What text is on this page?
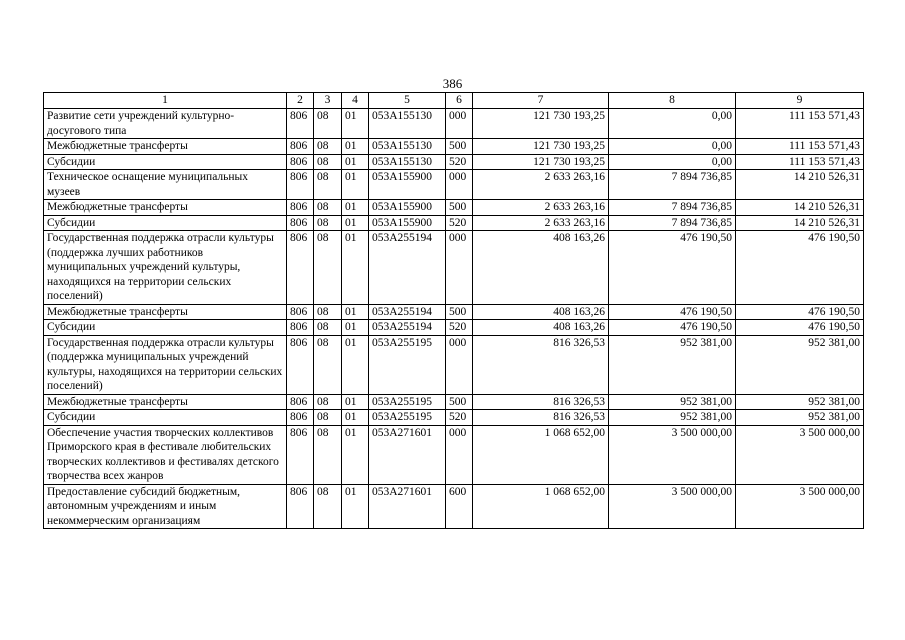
386
1	2	3	4	5	6	7	8	9
Развитие сети учреждений культурно-досугового типа	806	08	01	053А155130	000	121 730 193,25	0,00	111 153 571,43
Межбюджетные трансферты	806	08	01	053А155130	500	121 730 193,25	0,00	111 153 571,43
Субсидии	806	08	01	053А155130	520	121 730 193,25	0,00	111 153 571,43
Техническое оснащение муниципальных музеев	806	08	01	053А155900	000	2 633 263,16	7 894 736,85	14 210 526,31
Межбюджетные трансферты	806	08	01	053А155900	500	2 633 263,16	7 894 736,85	14 210 526,31
Субсидии	806	08	01	053А155900	520	2 633 263,16	7 894 736,85	14 210 526,31
Государственная поддержка отрасли культуры (поддержка лучших работников муниципальных учреждений культуры, находящихся на территории сельских поселений)	806	08	01	053А255194	000	408 163,26	476 190,50	476 190,50
Межбюджетные трансферты	806	08	01	053А255194	500	408 163,26	476 190,50	476 190,50
Субсидии	806	08	01	053А255194	520	408 163,26	476 190,50	476 190,50
Государственная поддержка отрасли культуры (поддержка муниципальных учреждений культуры, находящихся на территории сельских поселений)	806	08	01	053А255195	000	816 326,53	952 381,00	952 381,00
Межбюджетные трансферты	806	08	01	053А255195	500	816 326,53	952 381,00	952 381,00
Субсидии	806	08	01	053А255195	520	816 326,53	952 381,00	952 381,00
Обеспечение участия творческих коллективов Приморского края в фестивале любительских творческих коллективов и фестивалях детского творчества всех жанров	806	08	01	053А271601	000	1 068 652,00	3 500 000,00	3 500 000,00
Предоставление субсидий бюджетным, автономным учреждениям и иным некоммерческим организациям	806	08	01	053А271601	600	1 068 652,00	3 500 000,00	3 500 000,00
